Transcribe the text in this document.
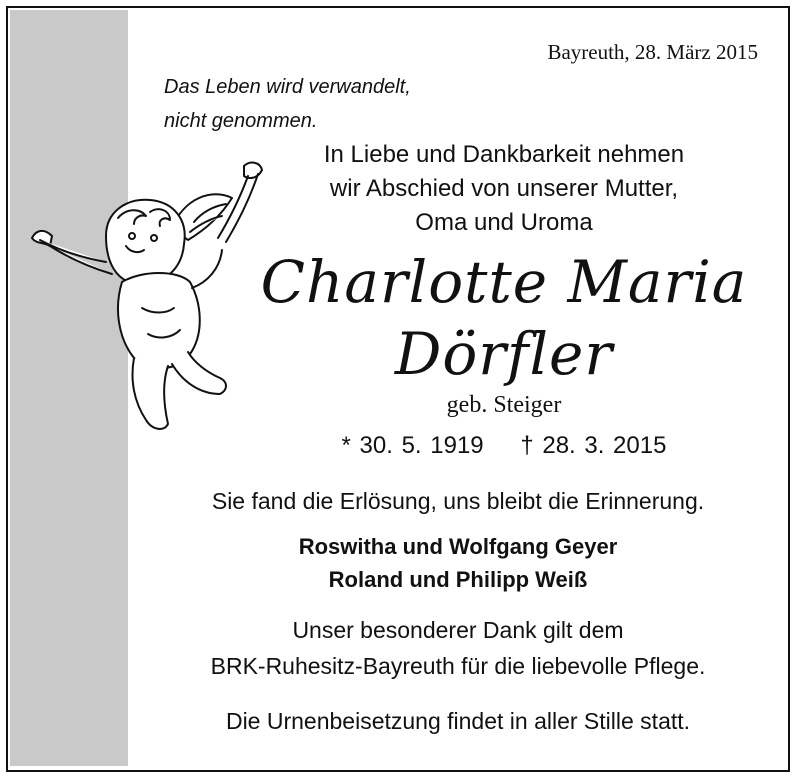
Bayreuth, 28. März 2015
Das Leben wird verwandelt,
nicht genommen.
In Liebe und Dankbarkeit nehmen
wir Abschied von unserer Mutter,
Oma und Uroma
Charlotte Maria
Dörfler
geb. Steiger
* 30. 5. 1919 † 28. 3. 2015
Sie fand die Erlösung, uns bleibt die Erinnerung.
Roswitha und Wolfgang Geyer
Roland und Philipp Weiß
Unser besonderer Dank gilt dem
BRK-Ruhesitz-Bayreuth für die liebevolle Pflege.
Die Urnenbeisetzung findet in aller Stille statt.
